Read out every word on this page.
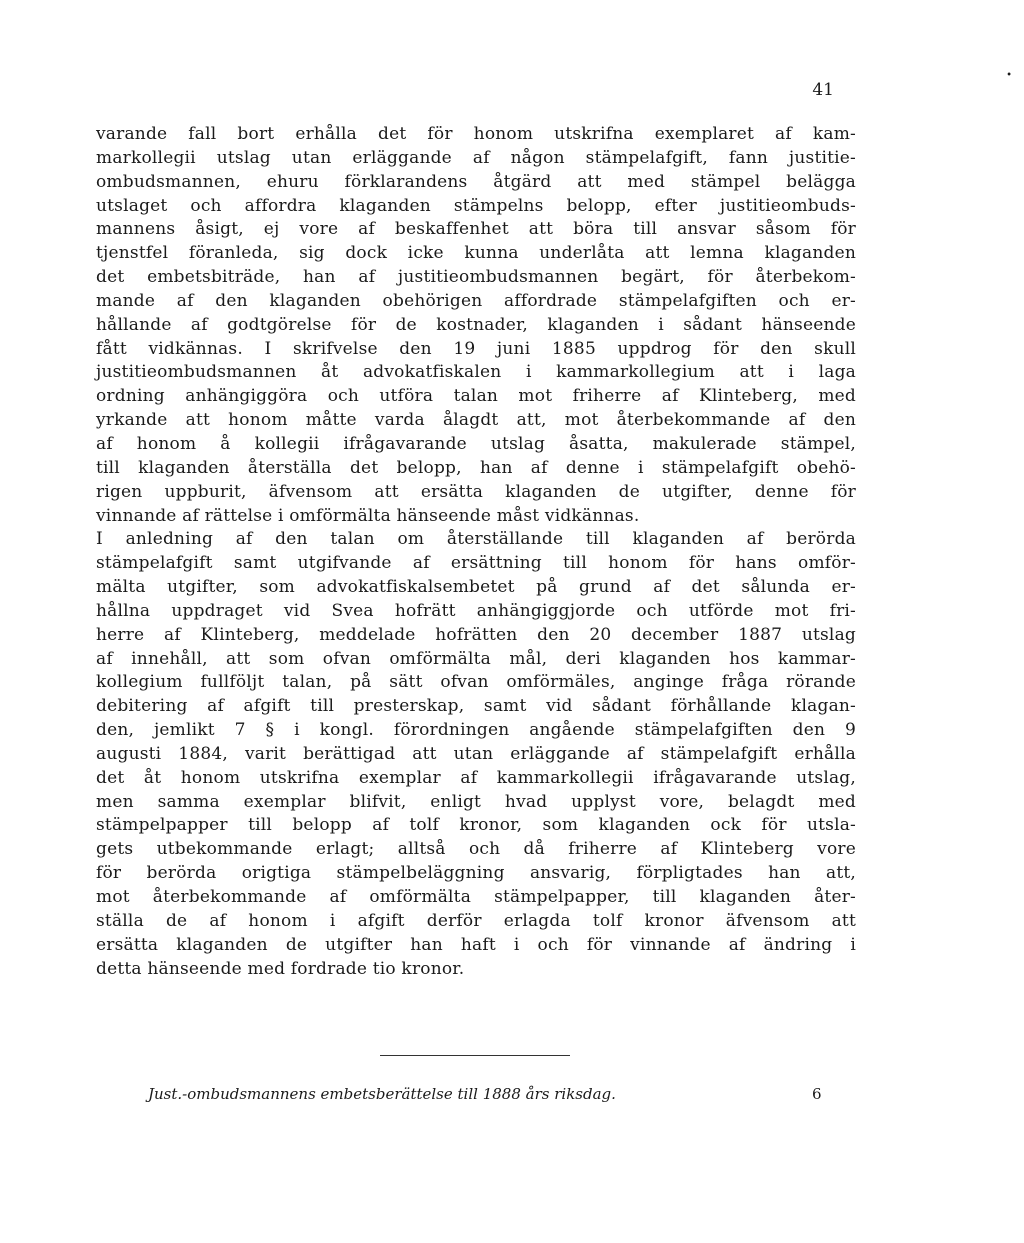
41
•
varande fall bort erhålla det för honom utskrifna exemplaret af kam-
markollegii utslag utan erläggande af någon stämpelafgift, fann justitie-
ombudsmannen, ehuru förklarandens åtgärd att med stämpel belägga
utslaget och affordra klaganden stämpelns belopp, efter justitieombuds-
mannens åsigt, ej vore af beskaffenhet att böra till ansvar såsom för
tjenstfel föranleda, sig dock icke kunna underlåta att lemna klaganden
det embetsbiträde, han af justitieombudsmannen begärt, för återbekom-
mande af den klaganden obehörigen affordrade stämpelafgiften och er-
hållande af godtgörelse för de kostnader, klaganden i sådant hänseende
fått vidkännas. I skrifvelse den 19 juni 1885 uppdrog för den skull
justitieombudsmannen åt advokatfiskalen i kammarkollegium att i laga
ordning anhängiggöra och utföra talan mot friherre af Klinteberg, med
yrkande att honom måtte varda ålagdt att, mot återbekommande af den
af honom å kollegii ifrågavarande utslag åsatta, makulerade stämpel,
till klaganden återställa det belopp, han af denne i stämpelafgift obehö-
rigen uppburit, äfvensom att ersätta klaganden de utgifter, denne för
vinnande af rättelse i omförmälta hänseende måst vidkännas.
I anledning af den talan om återställande till klaganden af berörda
stämpelafgift samt utgifvande af ersättning till honom för hans omför-
mälta utgifter, som advokatfiskalsembetet på grund af det sålunda er-
hållna uppdraget vid Svea hofrätt anhängiggjorde och utförde mot fri-
herre af Klinteberg, meddelade hofrätten den 20 december 1887 utslag
af innehåll, att som ofvan omförmälta mål, deri klaganden hos kammar-
kollegium fullföljt talan, på sätt ofvan omförmäles, anginge fråga rörande
debitering af afgift till presterskap, samt vid sådant förhållande klagan-
den, jemlikt 7 § i kongl. förordningen angående stämpelafgiften den 9
augusti 1884, varit berättigad att utan erläggande af stämpelafgift erhålla
det åt honom utskrifna exemplar af kammarkollegii ifrågavarande utslag,
men samma exemplar blifvit, enligt hvad upplyst vore, belagdt med
stämpelpapper till belopp af tolf kronor, som klaganden ock för utsla-
gets utbekommande erlagt; alltså och då friherre af Klinteberg vore
för berörda origtiga stämpelbeläggning ansvarig, förpligtades han att,
mot återbekommande af omförmälta stämpelpapper, till klaganden åter-
ställa de af honom i afgift derför erlagda tolf kronor äfvensom att
ersätta klaganden de utgifter han haft i och för vinnande af ändring i
detta hänseende med fordrade tio kronor.
Just.-ombudsmannens embetsberättelse till 1888 års riksdag.	6
